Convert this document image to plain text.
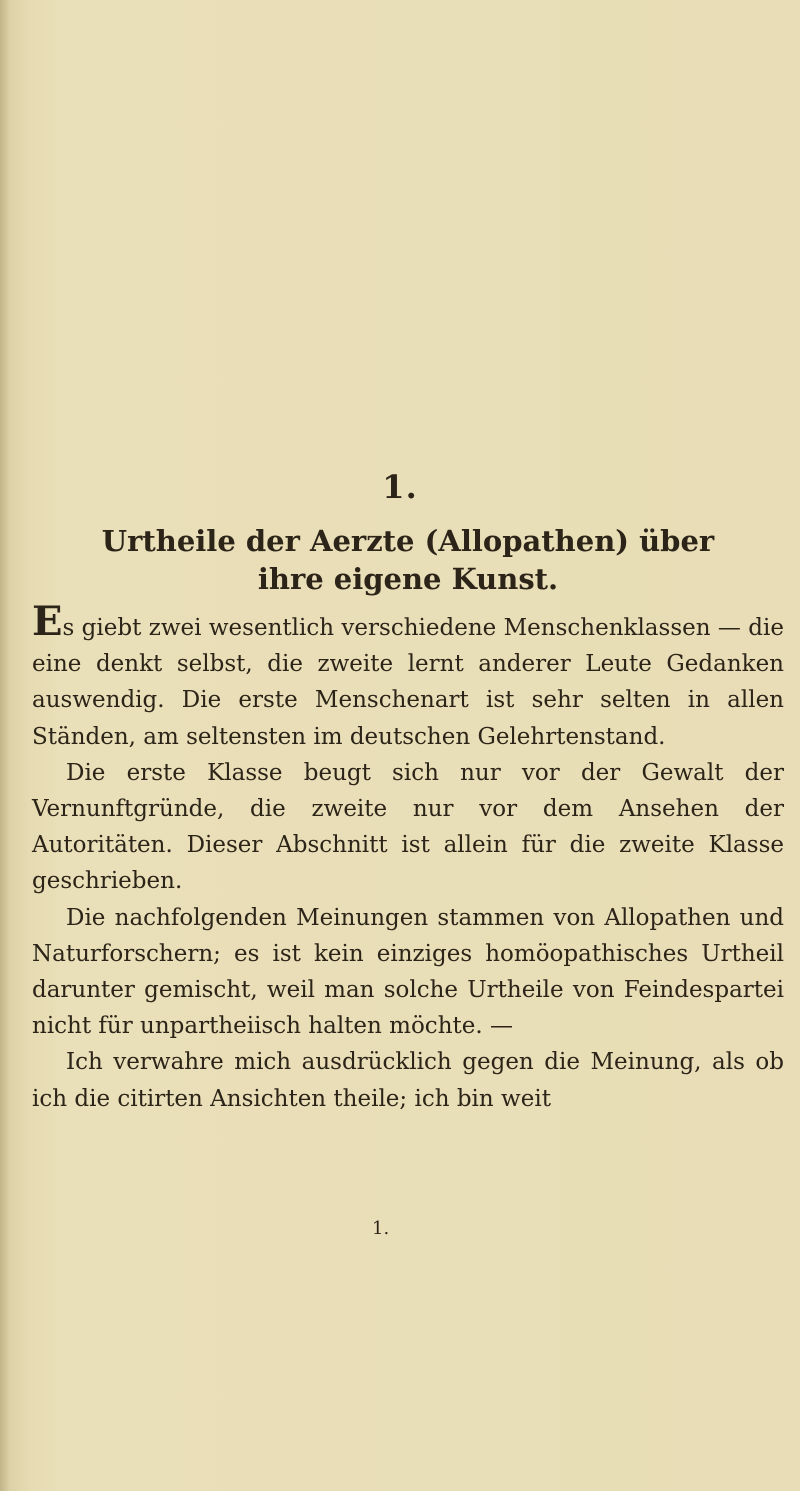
1.
Urtheile der Aerzte (Allopathen) über
ihre eigene Kunst.

Es giebt zwei wesentlich verschiedene Menschenklassen — die eine denkt selbst, die zweite lernt anderer Leute Gedanken auswendig. Die erste Menschenart ist sehr selten in allen Ständen, am seltensten im deutschen Gelehrtenstand.

Die erste Klasse beugt sich nur vor der Gewalt der Vernunftgründe, die zweite nur vor dem Ansehen der Autoritäten. Dieser Abschnitt ist allein für die zweite Klasse geschrieben.

Die nachfolgenden Meinungen stammen von Allopathen und Naturforschern; es ist kein einziges homöopathisches Urtheil darunter gemischt, weil man solche Urtheile von Feindespartei nicht für unpartheiisch halten möchte. —

Ich verwahre mich ausdrücklich gegen die Meinung, als ob ich die citirten Ansichten theile; ich bin weit

1.
